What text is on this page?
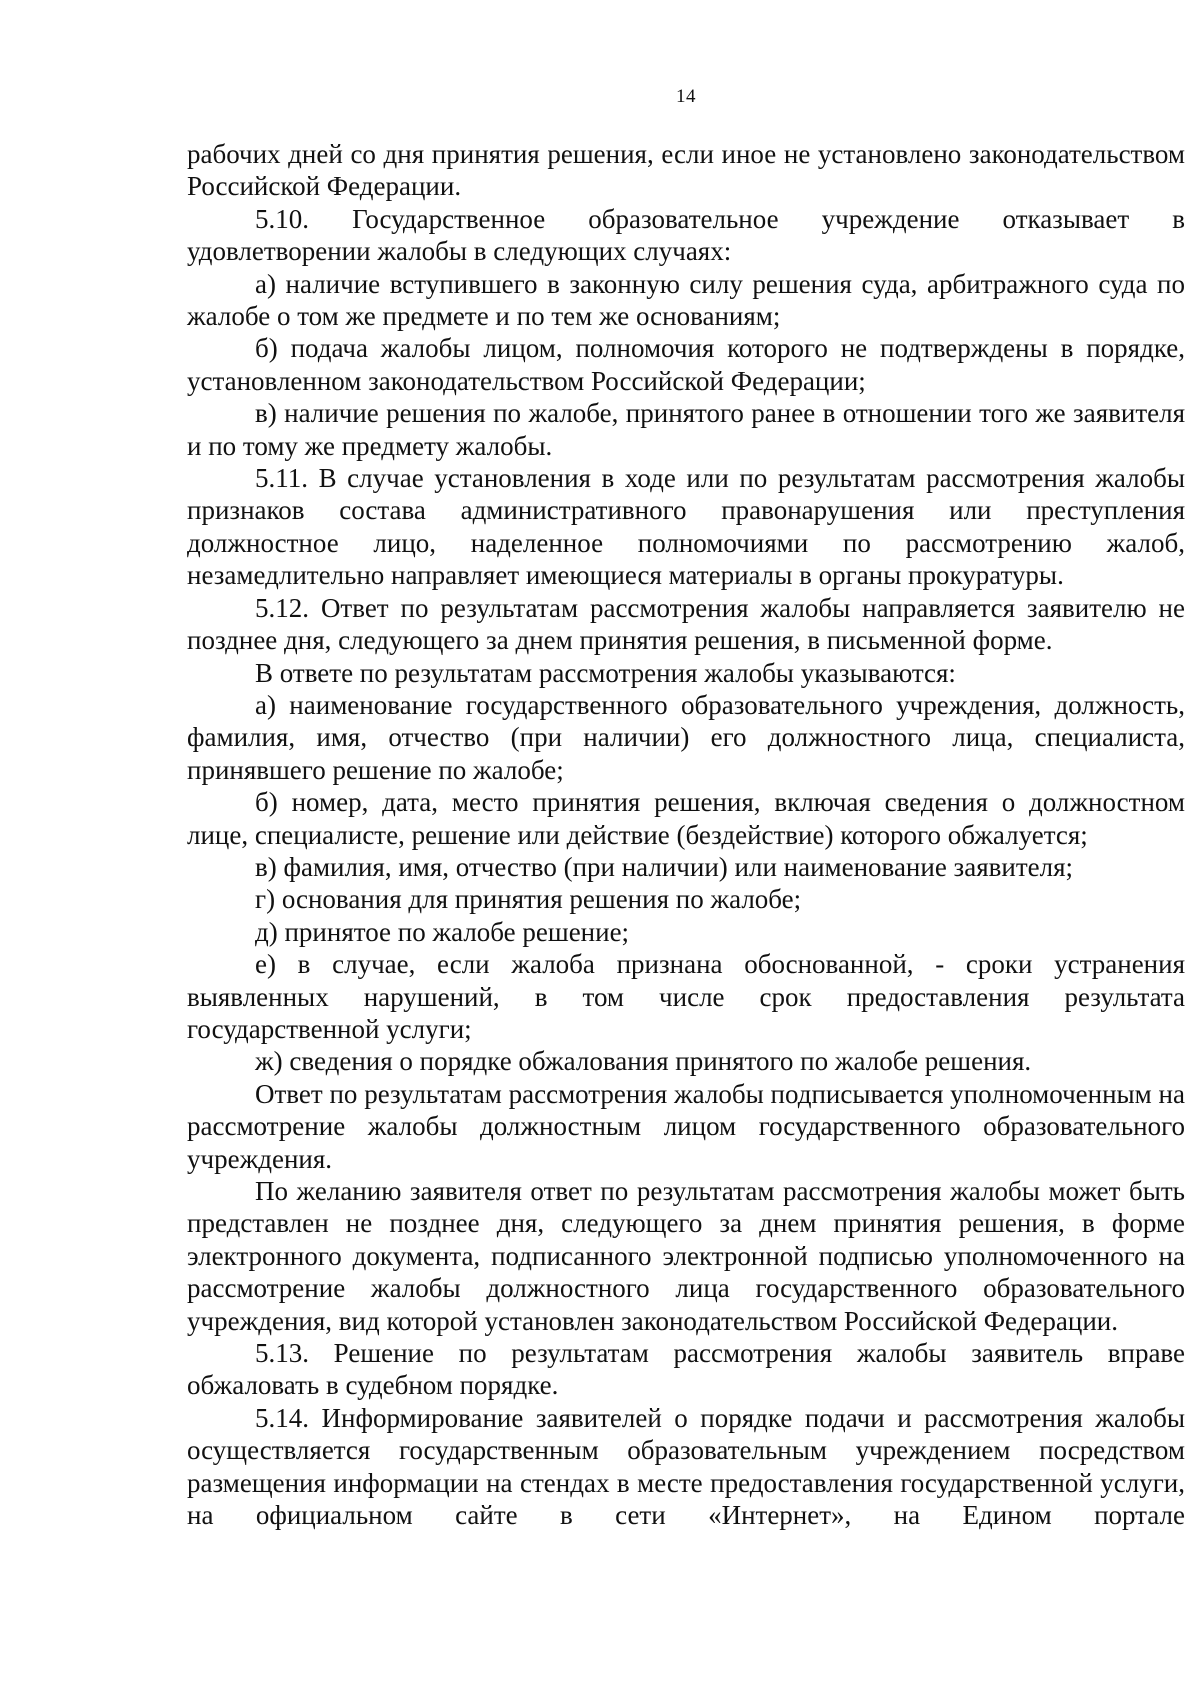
14

рабочих дней со дня принятия решения, если иное не установлено законодательством Российской Федерации.

5.10. Государственное образовательное учреждение отказывает в удовлетворении жалобы в следующих случаях:

а) наличие вступившего в законную силу решения суда, арбитражного суда по жалобе о том же предмете и по тем же основаниям;

б) подача жалобы лицом, полномочия которого не подтверждены в порядке, установленном законодательством Российской Федерации;

в) наличие решения по жалобе, принятого ранее в отношении того же заявителя и по тому же предмету жалобы.

5.11. В случае установления в ходе или по результатам рассмотрения жалобы признаков состава административного правонарушения или преступления должностное лицо, наделенное полномочиями по рассмотрению жалоб, незамедлительно направляет имеющиеся материалы в органы прокуратуры.

5.12. Ответ по результатам рассмотрения жалобы направляется заявителю не позднее дня, следующего за днем принятия решения, в письменной форме.

В ответе по результатам рассмотрения жалобы указываются:

а) наименование государственного образовательного учреждения, должность, фамилия, имя, отчество (при наличии) его должностного лица, специалиста, принявшего решение по жалобе;

б) номер, дата, место принятия решения, включая сведения о должностном лице, специалисте, решение или действие (бездействие) которого обжалуется;

в) фамилия, имя, отчество (при наличии) или наименование заявителя;

г) основания для принятия решения по жалобе;

д) принятое по жалобе решение;

е) в случае, если жалоба признана обоснованной, - сроки устранения выявленных нарушений, в том числе срок предоставления результата государственной услуги;

ж) сведения о порядке обжалования принятого по жалобе решения.

Ответ по результатам рассмотрения жалобы подписывается уполномоченным на рассмотрение жалобы должностным лицом государственного образовательного учреждения.

По желанию заявителя ответ по результатам рассмотрения жалобы может быть представлен не позднее дня, следующего за днем принятия решения, в форме электронного документа, подписанного электронной подписью уполномоченного на рассмотрение жалобы должностного лица государственного образовательного учреждения, вид которой установлен законодательством Российской Федерации.

5.13. Решение по результатам рассмотрения жалобы заявитель вправе обжаловать в судебном порядке.

5.14. Информирование заявителей о порядке подачи и рассмотрения жалобы осуществляется государственным образовательным учреждением посредством размещения информации на стендах в месте предоставления государственной услуги, на официальном сайте в сети «Интернет», на Едином портале
